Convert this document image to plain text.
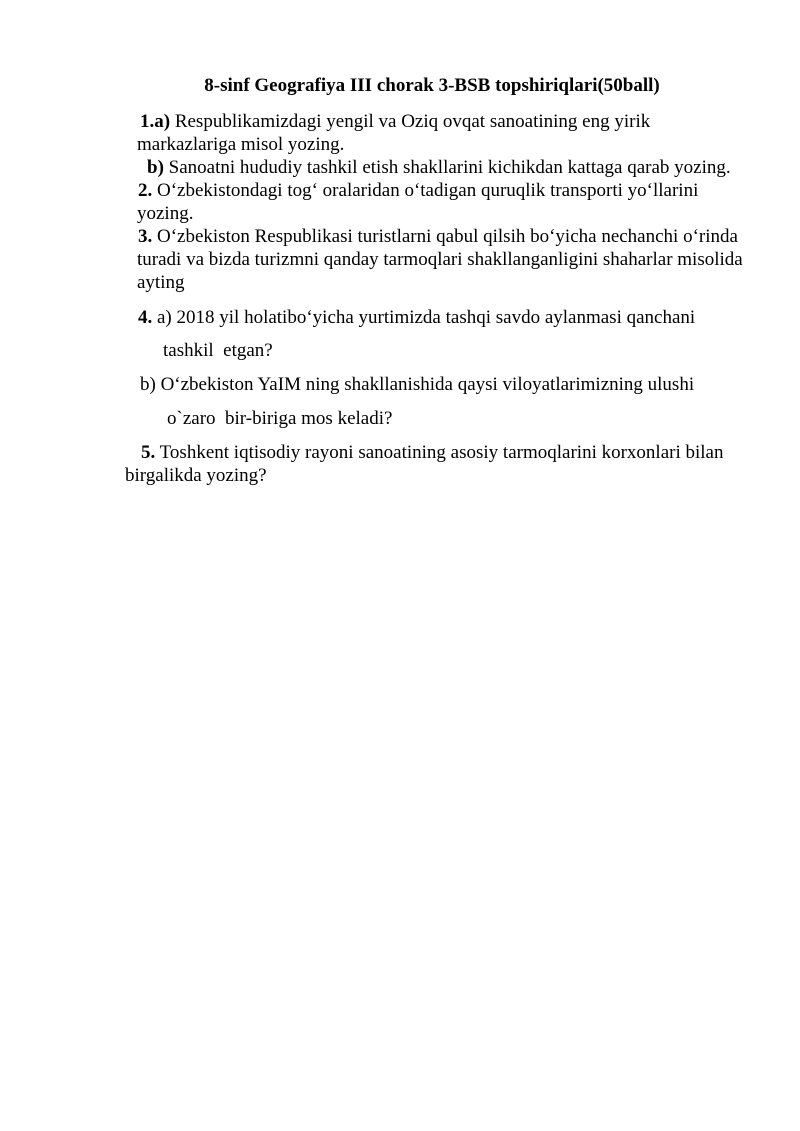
8-sinf Geografiya III chorak 3-BSB topshiriqlari(50ball)
1.a) Respublikamizdagi yengil va Oziq ovqat sanoatining eng yirik
markazlariga misol yozing.
b) Sanoatni hududiy tashkil etish shakllarini kichikdan kattaga qarab yozing.
2. O‘zbekistondagi tog‘ oralaridan o‘tadigan quruqlik transporti yo‘llarini
yozing.
3. O‘zbekiston Respublikasi turistlarni qabul qilsih bo‘yicha nechanchi o‘rinda
turadi va bizda turizmni qanday tarmoqlari shakllanganligini shaharlar misolida
ayting
4. a) 2018 yil holatibo‘yicha yurtimizda tashqi savdo aylanmasi qanchani
tashkil  etgan?
b) O‘zbekiston YaIM ning shakllanishida qaysi viloyatlarimizning ulushi
o`zaro  bir-biriga mos keladi?
5. Toshkent iqtisodiy rayoni sanoatining asosiy tarmoqlarini korxonlari bilan
birgalikda yozing?
